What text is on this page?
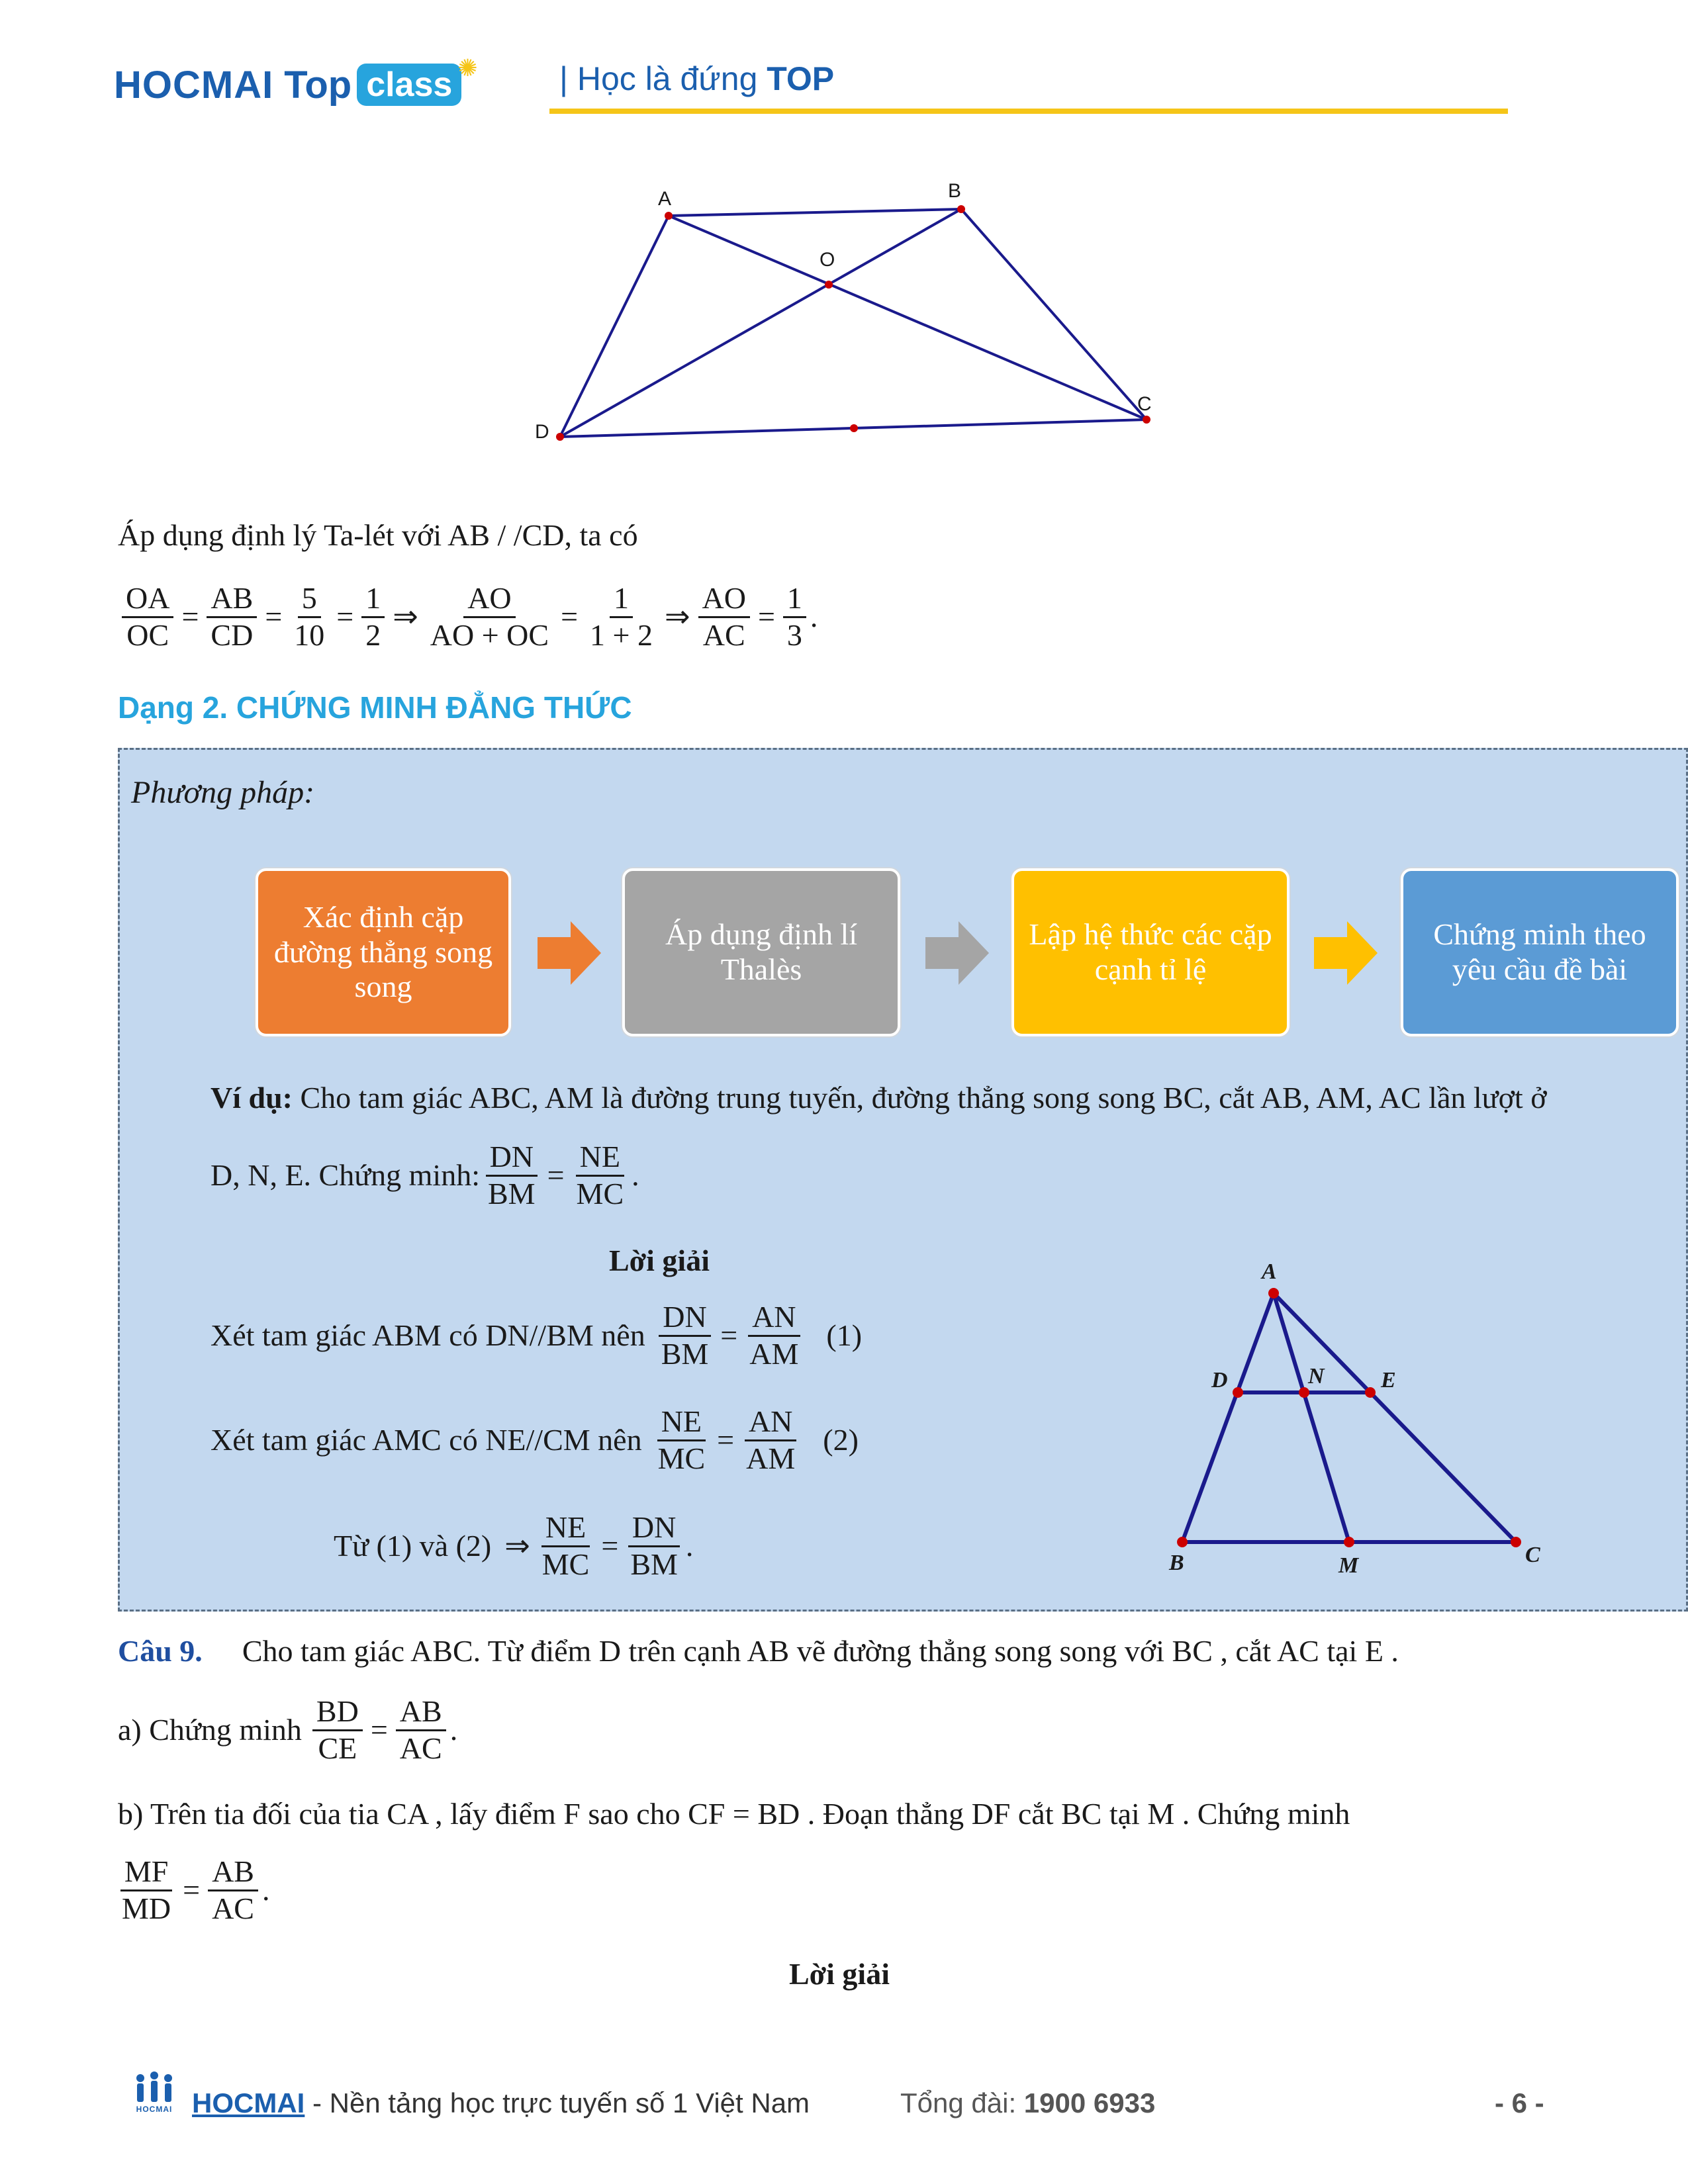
HOCMAI Top class ✺ | Học là đứng TOP
A	B
O
C
D
Áp dụng định lý Ta-lét với AB / /CD, ta có
$\frac{OA}{OC} = \frac{AB}{CD} = \frac{5}{10} = \frac{1}{2}$ ⇒ $\frac{AO}{AO + OC} = \frac{1}{1 + 2}$ ⇒ $\frac{AO}{AC} = \frac{1}{3}$ .
Dạng 2. CHỨNG MINH ĐẲNG THỨC
Phương pháp:
Xác định cặp đường thẳng song song
Áp dụng định lí Thalès
Lập hệ thức các cặp cạnh tỉ lệ
Chứng minh theo yêu cầu đề bài
Ví dụ: Cho tam giác ABC, AM là đường trung tuyến, đường thẳng song song BC, cắt AB, AM, AC lần lượt ở
D, N, E. Chứng minh: $\frac{DN}{BM} = \frac{NE}{MC}$ .
Lời giải
Xét tam giác ABM có DN//BM nên $\frac{DN}{BM} = \frac{AN}{AM} (1)$
Xét tam giác AMC có NE//CM nên $\frac{NE}{MC} = \frac{AN}{AM} (2)$
Từ (1) và (2) ⇒ $\frac{NE}{MC} = \frac{DN}{BM}$ .
A
D	N	E
B	M	C
Câu 9. Cho tam giác ABC. Từ điểm D trên cạnh AB vẽ đường thẳng song song với BC , cắt AC tại E .
a) Chứng minh $\frac{BD}{CE} = \frac{AB}{AC}$ .
b) Trên tia đối của tia CA , lấy điểm F sao cho CF = BD . Đoạn thẳng DF cắt BC tại M . Chứng minh
$\frac{MF}{MD} = \frac{AB}{AC}$ .
Lời giải
HOCMAI HOCMAI - Nền tảng học trực tuyến số 1 Việt Nam	Tổng đài: 1900 6933	- 6 -
